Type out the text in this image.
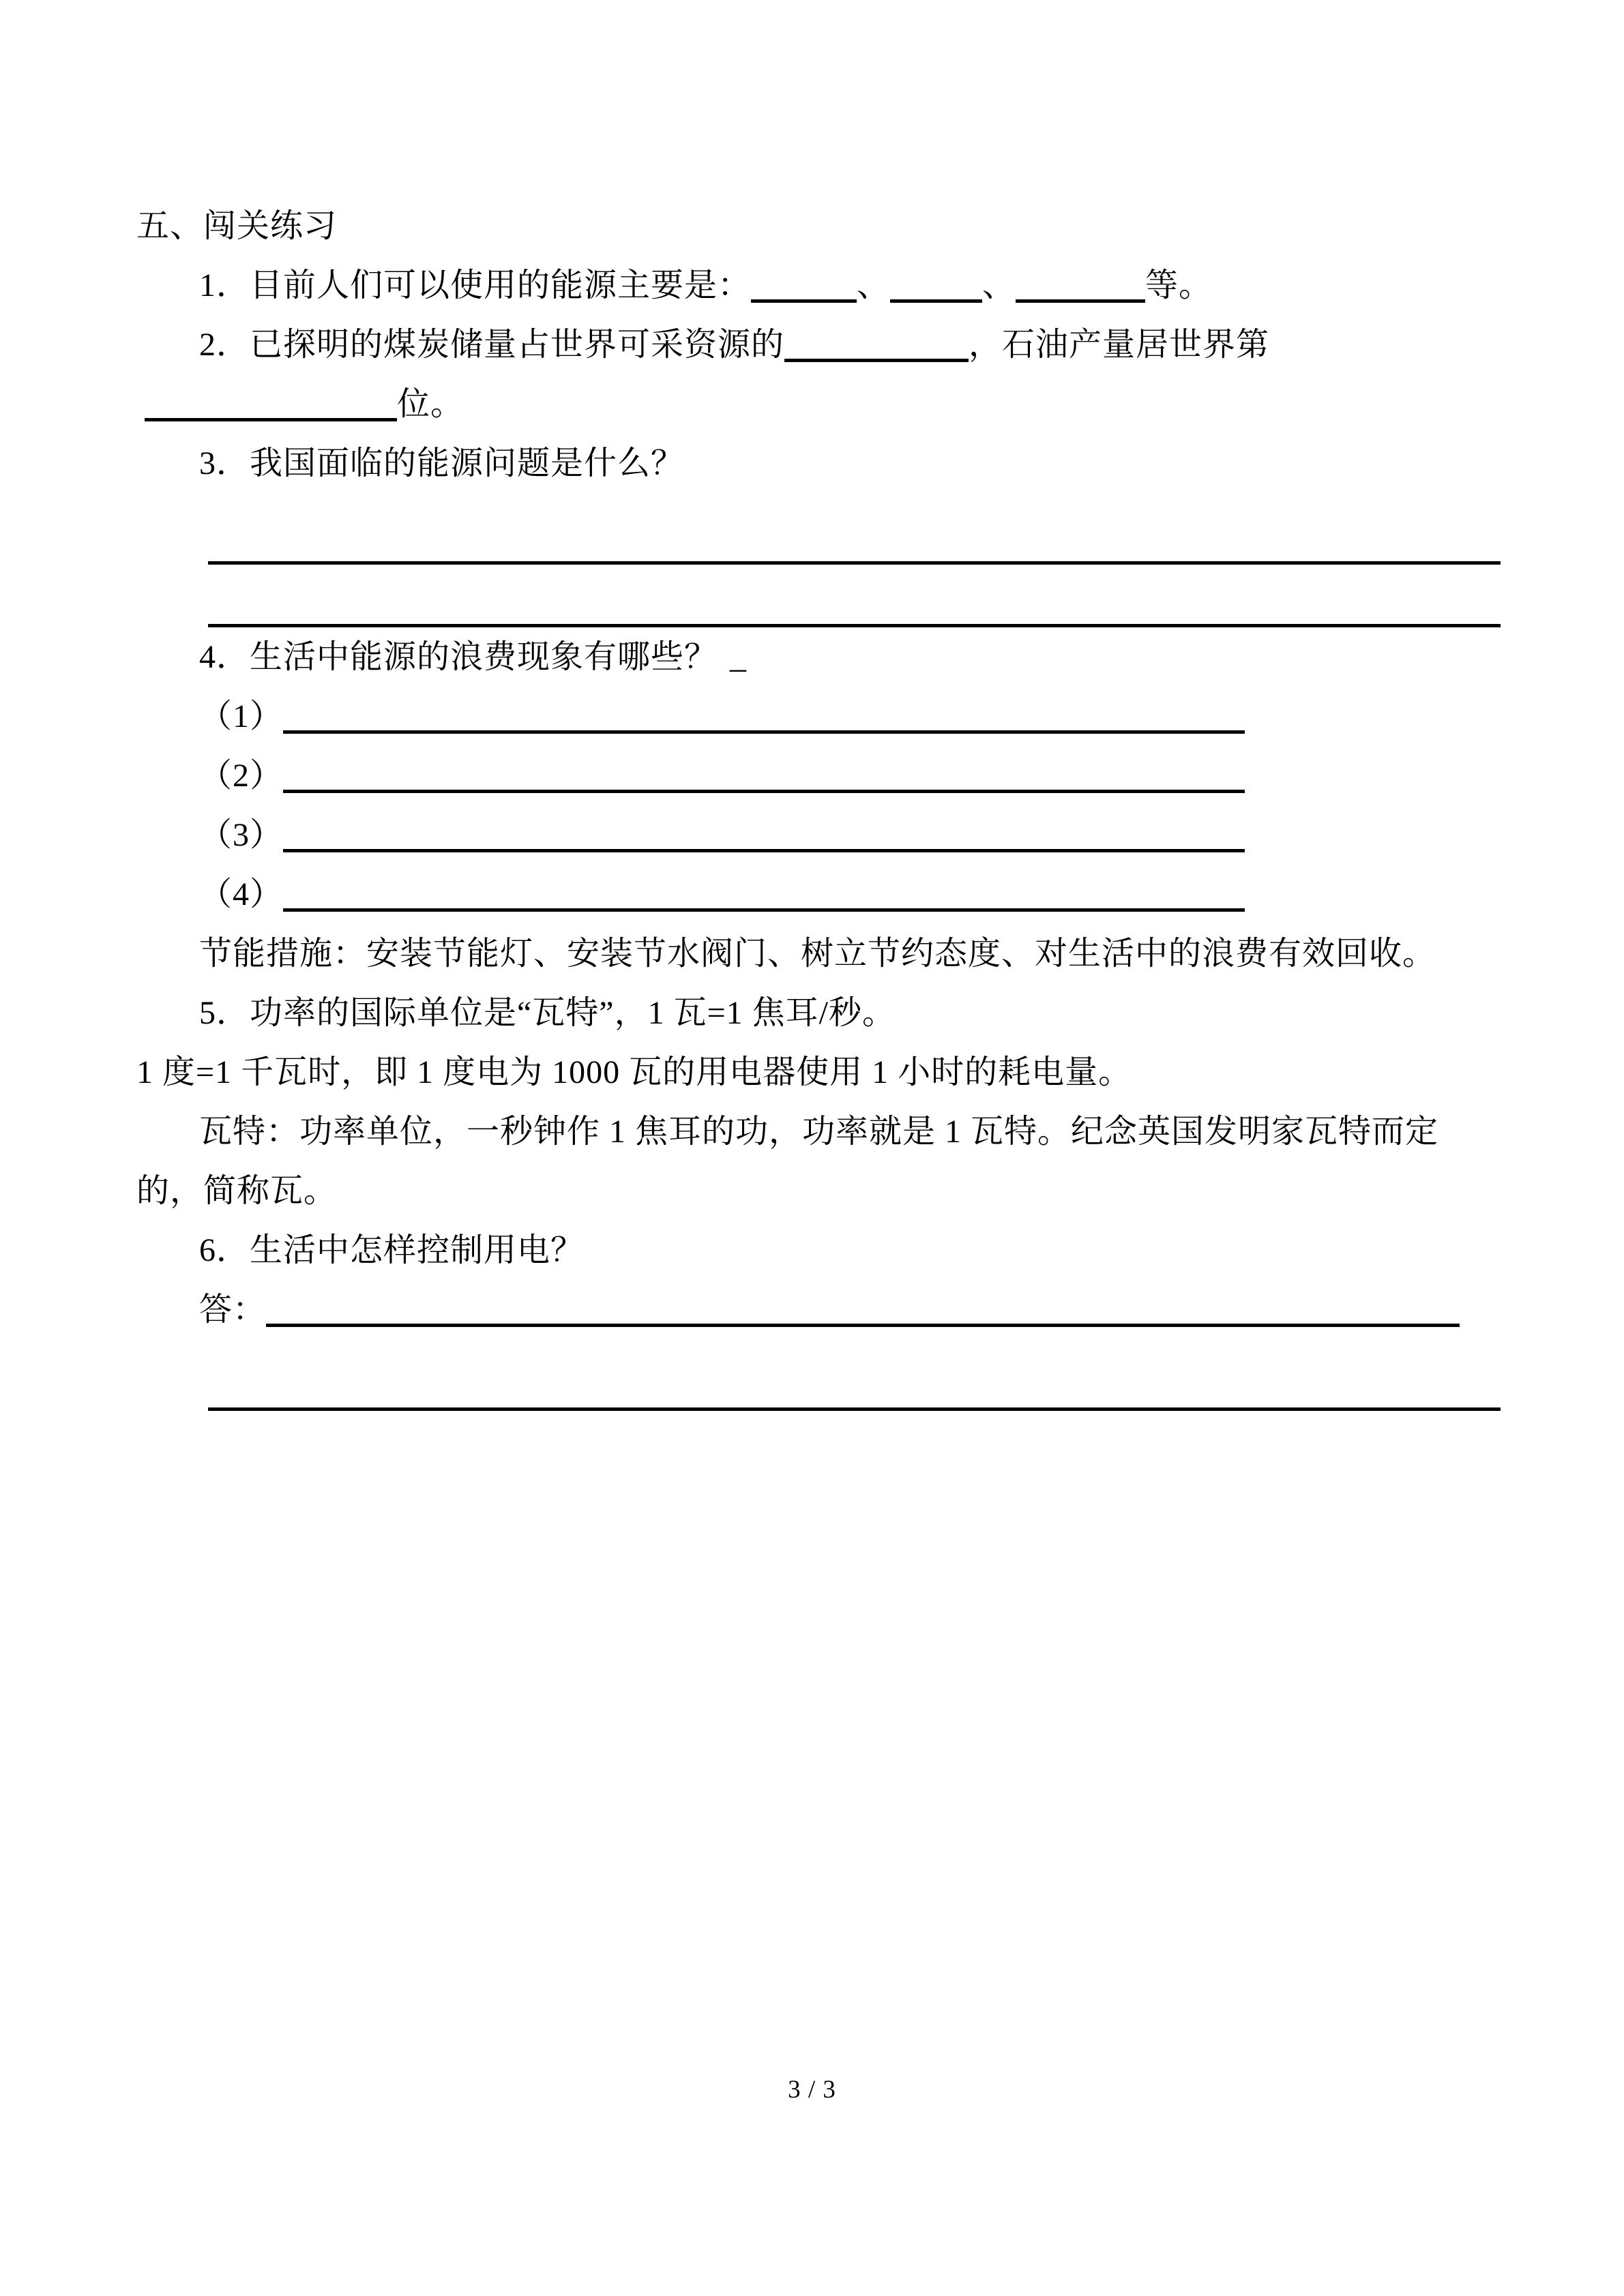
五、闯关练习
1．目前人们可以使用的能源主要是：	、	、	等。
2．已探明的煤炭储量占世界可采资源的	，石油产量居世界第
位。
3．我国面临的能源问题是什么？
4．生活中能源的浪费现象有哪些？ _
（1）
（2）
（3）
（4）
节能措施：安装节能灯、安装节水阀门、树立节约态度、对生活中的浪费有效回收。
5．功率的国际单位是“瓦特”，1 瓦=1 焦耳/秒。
1 度=1 千瓦时，即 1 度电为 1000 瓦的用电器使用 1 小时的耗电量。
瓦特：功率单位，一秒钟作 1 焦耳的功，功率就是 1 瓦特。纪念英国发明家瓦特而定
的，简称瓦。
6．生活中怎样控制用电？
答：
3 / 3
